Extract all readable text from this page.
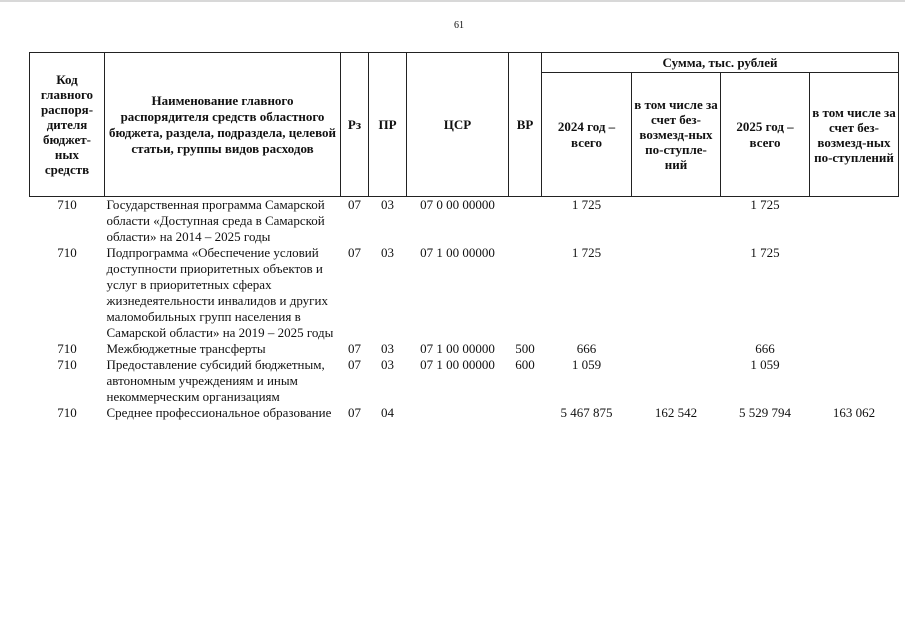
61
Код главного распоря-дителя бюджет-ных средств	Наименование главного распорядителя средств областного бюджета, раздела, подраздела, целевой статьи, группы видов расходов	Рз	ПР	ЦСР	ВР	Сумма, тыс. рублей			
						2024 год – всего	в том числе за счет без-возмезд-ных по-ступле-ний	2025 год – всего	в том числе за счет без-возмезд-ных по-ступлений
710	Государственная программа Самарской области «Доступная среда в Самарской области» на 2014 – 2025 годы	07	03	07 0 00 00000		1 725		1 725	
710	Подпрограмма «Обеспечение условий доступности приоритетных объектов и услуг в приоритетных сферах жизнедеятельности инвалидов и других маломобильных групп населения в Самарской области» на 2019 – 2025 годы	07	03	07 1 00 00000		1 725		1 725	
710	Межбюджетные трансферты	07	03	07 1 00 00000	500	666		666	
710	Предоставление субсидий бюджетным, автономным учреждениям и иным некоммерческим организациям	07	03	07 1 00 00000	600	1 059		1 059	
710	Среднее профессиональное образование	07	04			5 467 875	162 542	5 529 794	163 062
